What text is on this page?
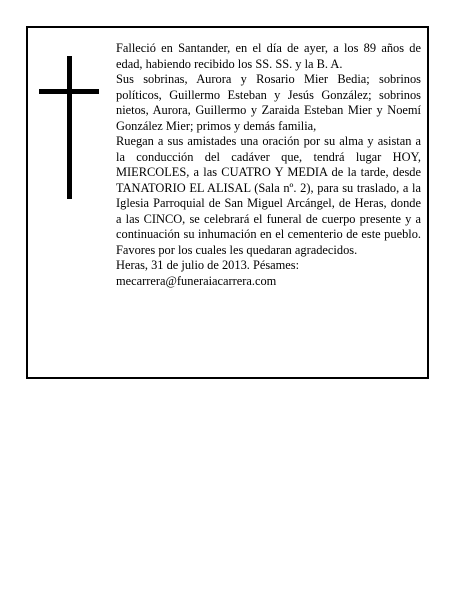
Falleció en Santander, en el día de ayer, a los 89 años de edad, habiendo recibido los SS. SS. y la B. A.

Sus sobrinas, Aurora y Rosario Mier Bedia; sobrinos políticos, Guillermo Esteban y Jesús González; sobrinos nietos, Aurora, Guillermo y Zaraida Esteban Mier y Noemí González Mier; primos y demás familia,

Ruegan a sus amistades una oración por su alma y asistan a la conducción del cadáver que, tendrá lugar HOY, MIERCOLES, a las CUATRO Y MEDIA de la tarde, desde TANATORIO EL ALISAL (Sala nº. 2), para su traslado, a la Iglesia Parroquial de San Miguel Arcángel, de Heras, donde a las CINCO, se celebrará el funeral de cuerpo presente y a continuación su inhumación en el cementerio de este pueblo. Favores por los cuales les quedaran agradecidos.

Heras, 31 de julio de 2013. Pésames:

mecarrera@funeraiacarrera.com
